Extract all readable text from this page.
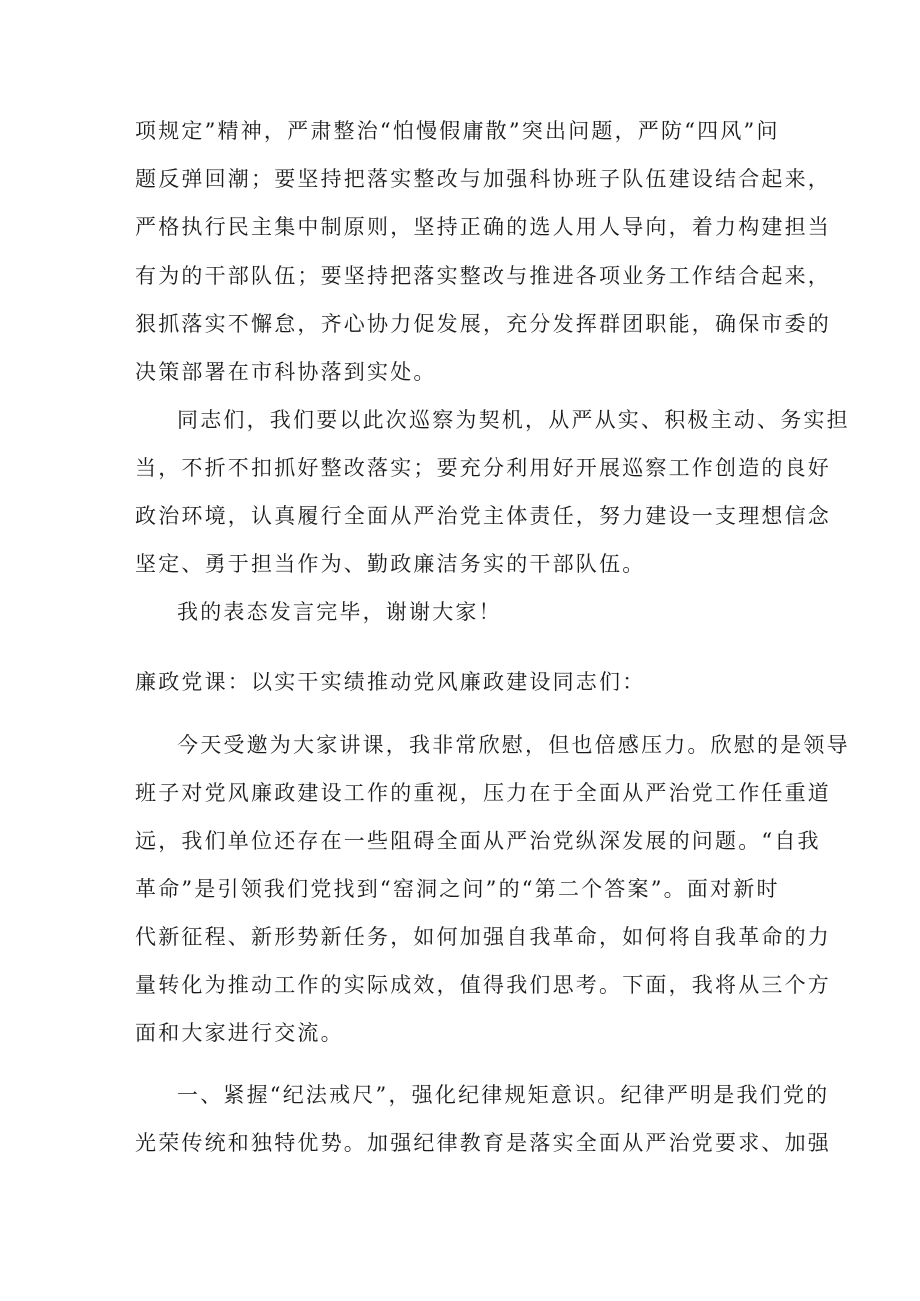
项规定”精神，严肃整治“怕慢假庸散”突出问题，严防“四风”问
题反弹回潮；要坚持把落实整改与加强科协班子队伍建设结合起来，
严格执行民主集中制原则，坚持正确的选人用人导向，着力构建担当
有为的干部队伍；要坚持把落实整改与推进各项业务工作结合起来，
狠抓落实不懈怠，齐心协力促发展，充分发挥群团职能，确保市委的
决策部署在市科协落到实处。
同志们，我们要以此次巡察为契机，从严从实、积极主动、务实担
当，不折不扣抓好整改落实；要充分利用好开展巡察工作创造的良好
政治环境，认真履行全面从严治党主体责任，努力建设一支理想信念
坚定、勇于担当作为、勤政廉洁务实的干部队伍。
我的表态发言完毕，谢谢大家！
廉政党课：以实干实绩推动党风廉政建设同志们：
今天受邀为大家讲课，我非常欣慰，但也倍感压力。欣慰的是领导
班子对党风廉政建设工作的重视，压力在于全面从严治党工作任重道
远，我们单位还存在一些阻碍全面从严治党纵深发展的问题。“自我
革命”是引领我们党找到“窑洞之问”的“第二个答案”。面对新时
代新征程、新形势新任务，如何加强自我革命，如何将自我革命的力
量转化为推动工作的实际成效，值得我们思考。下面，我将从三个方
面和大家进行交流。
一、紧握“纪法戒尺”，强化纪律规矩意识。纪律严明是我们党的
光荣传统和独特优势。加强纪律教育是落实全面从严治党要求、加强
